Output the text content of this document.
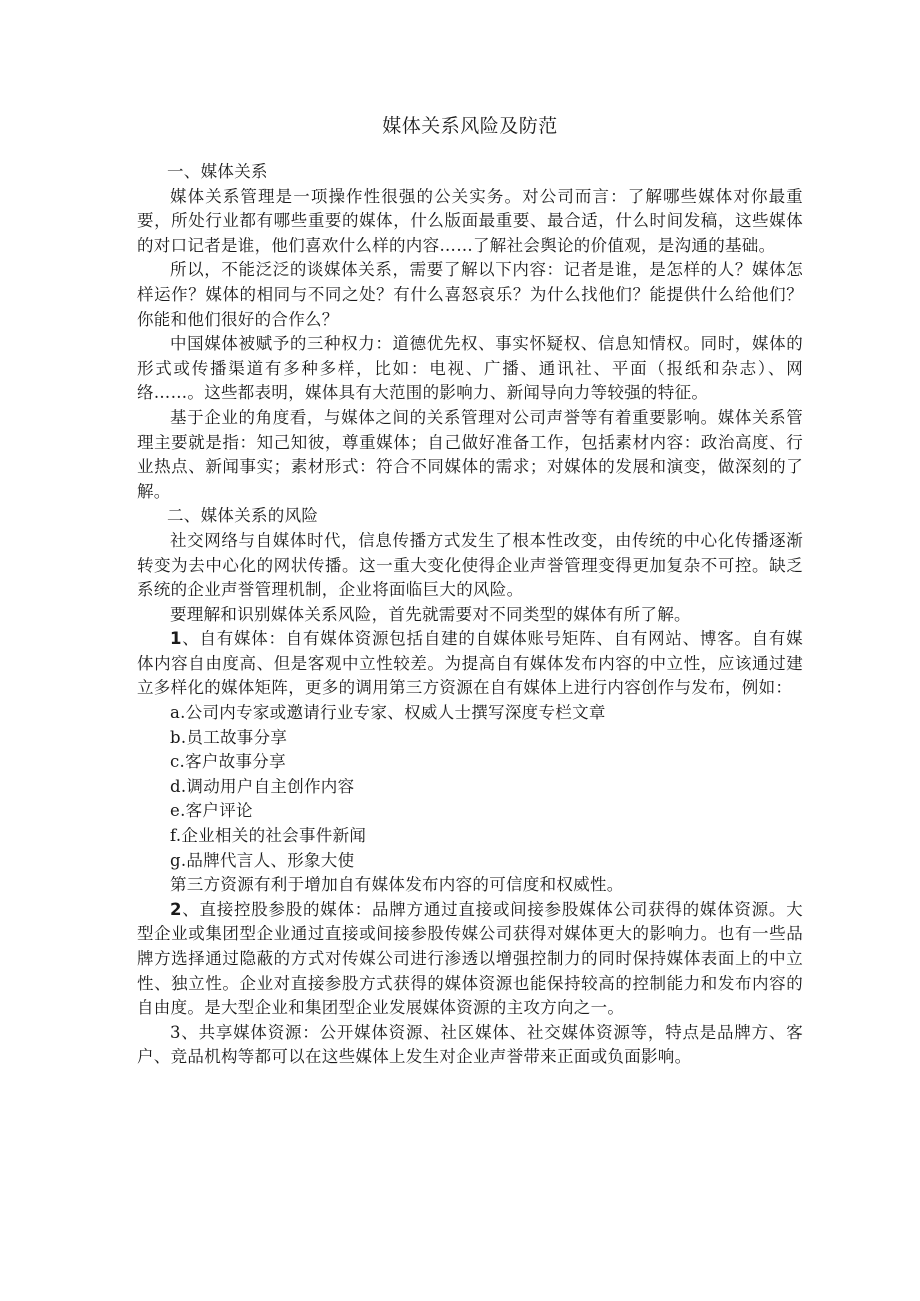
媒体关系风险及防范

一、媒体关系

媒体关系管理是一项操作性很强的公关实务。对公司而言：了解哪些媒体对你最重要，所处行业都有哪些重要的媒体，什么版面最重要、最合适，什么时间发稿，这些媒体的对口记者是谁，他们喜欢什么样的内容……了解社会舆论的价值观，是沟通的基础。

所以，不能泛泛的谈媒体关系，需要了解以下内容：记者是谁，是怎样的人？媒体怎样运作？媒体的相同与不同之处？有什么喜怒哀乐？为什么找他们？能提供什么给他们？你能和他们很好的合作么？

中国媒体被赋予的三种权力：道德优先权、事实怀疑权、信息知情权。同时，媒体的形式或传播渠道有多种多样，比如：电视、广播、通讯社、平面（报纸和杂志）、网络……。这些都表明，媒体具有大范围的影响力、新闻导向力等较强的特征。

基于企业的角度看，与媒体之间的关系管理对公司声誉等有着重要影响。媒体关系管理主要就是指：知己知彼，尊重媒体；自己做好准备工作，包括素材内容：政治高度、行业热点、新闻事实；素材形式：符合不同媒体的需求；对媒体的发展和演变，做深刻的了解。

二、媒体关系的风险

社交网络与自媒体时代，信息传播方式发生了根本性改变，由传统的中心化传播逐渐转变为去中心化的网状传播。这一重大变化使得企业声誉管理变得更加复杂不可控。缺乏系统的企业声誉管理机制，企业将面临巨大的风险。

要理解和识别媒体关系风险，首先就需要对不同类型的媒体有所了解。

1、自有媒体：自有媒体资源包括自建的自媒体账号矩阵、自有网站、博客。自有媒体内容自由度高、但是客观中立性较差。为提高自有媒体发布内容的中立性，应该通过建立多样化的媒体矩阵，更多的调用第三方资源在自有媒体上进行内容创作与发布，例如：

a.公司内专家或邀请行业专家、权威人士撰写深度专栏文章

b.员工故事分享

c.客户故事分享

d.调动用户自主创作内容

e.客户评论

f.企业相关的社会事件新闻

g.品牌代言人、形象大使

第三方资源有利于增加自有媒体发布内容的可信度和权威性。

2、直接控股参股的媒体：品牌方通过直接或间接参股媒体公司获得的媒体资源。大型企业或集团型企业通过直接或间接参股传媒公司获得对媒体更大的影响力。也有一些品牌方选择通过隐蔽的方式对传媒公司进行渗透以增强控制力的同时保持媒体表面上的中立性、独立性。企业对直接参股方式获得的媒体资源也能保持较高的控制能力和发布内容的自由度。是大型企业和集团型企业发展媒体资源的主攻方向之一。

3、共享媒体资源：公开媒体资源、社区媒体、社交媒体资源等，特点是品牌方、客户、竞品机构等都可以在这些媒体上发生对企业声誉带来正面或负面影响。
